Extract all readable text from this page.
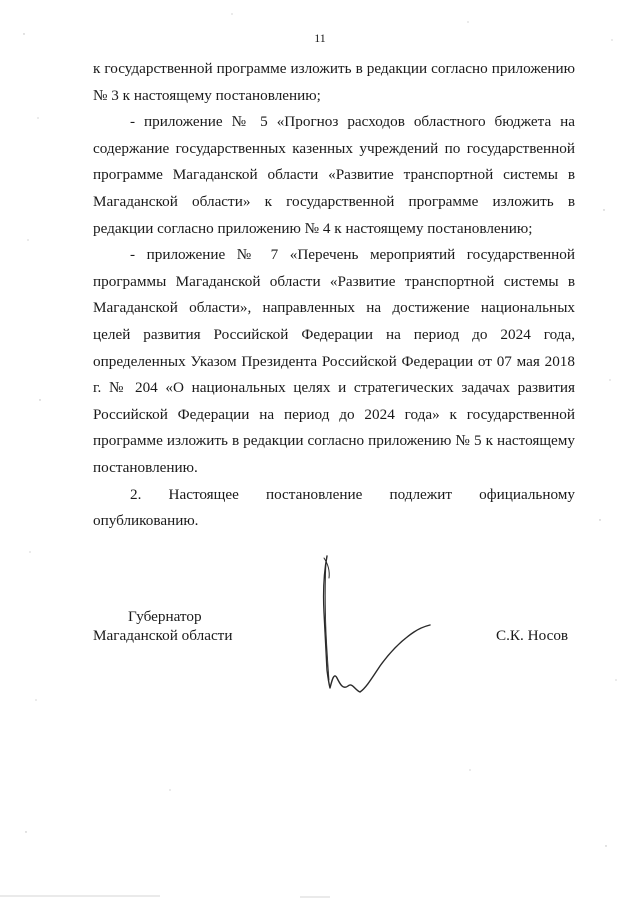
11

к государственной программе изложить в редакции согласно приложению № 3 к настоящему постановлению;

- приложение № 5 «Прогноз расходов областного бюджета на содержание государственных казенных учреждений по государственной программе Магаданской области «Развитие транспортной системы в Магаданской области» к государственной программе изложить в редакции согласно приложению № 4 к настоящему постановлению;

- приложение № 7 «Перечень мероприятий государственной программы Магаданской области «Развитие транспортной системы в Магаданской области», направленных на достижение национальных целей развития Российской Федерации на период до 2024 года, определенных Указом Президента Российской Федерации от 07 мая 2018 г. № 204 «О национальных целях и стратегических задачах развития Российской Федерации на период до 2024 года» к государственной программе изложить в редакции согласно приложению № 5 к настоящему постановлению.

2. Настоящее постановление подлежит официальному опубликованию.

Губернатор
Магаданской области	С.К. Носов
